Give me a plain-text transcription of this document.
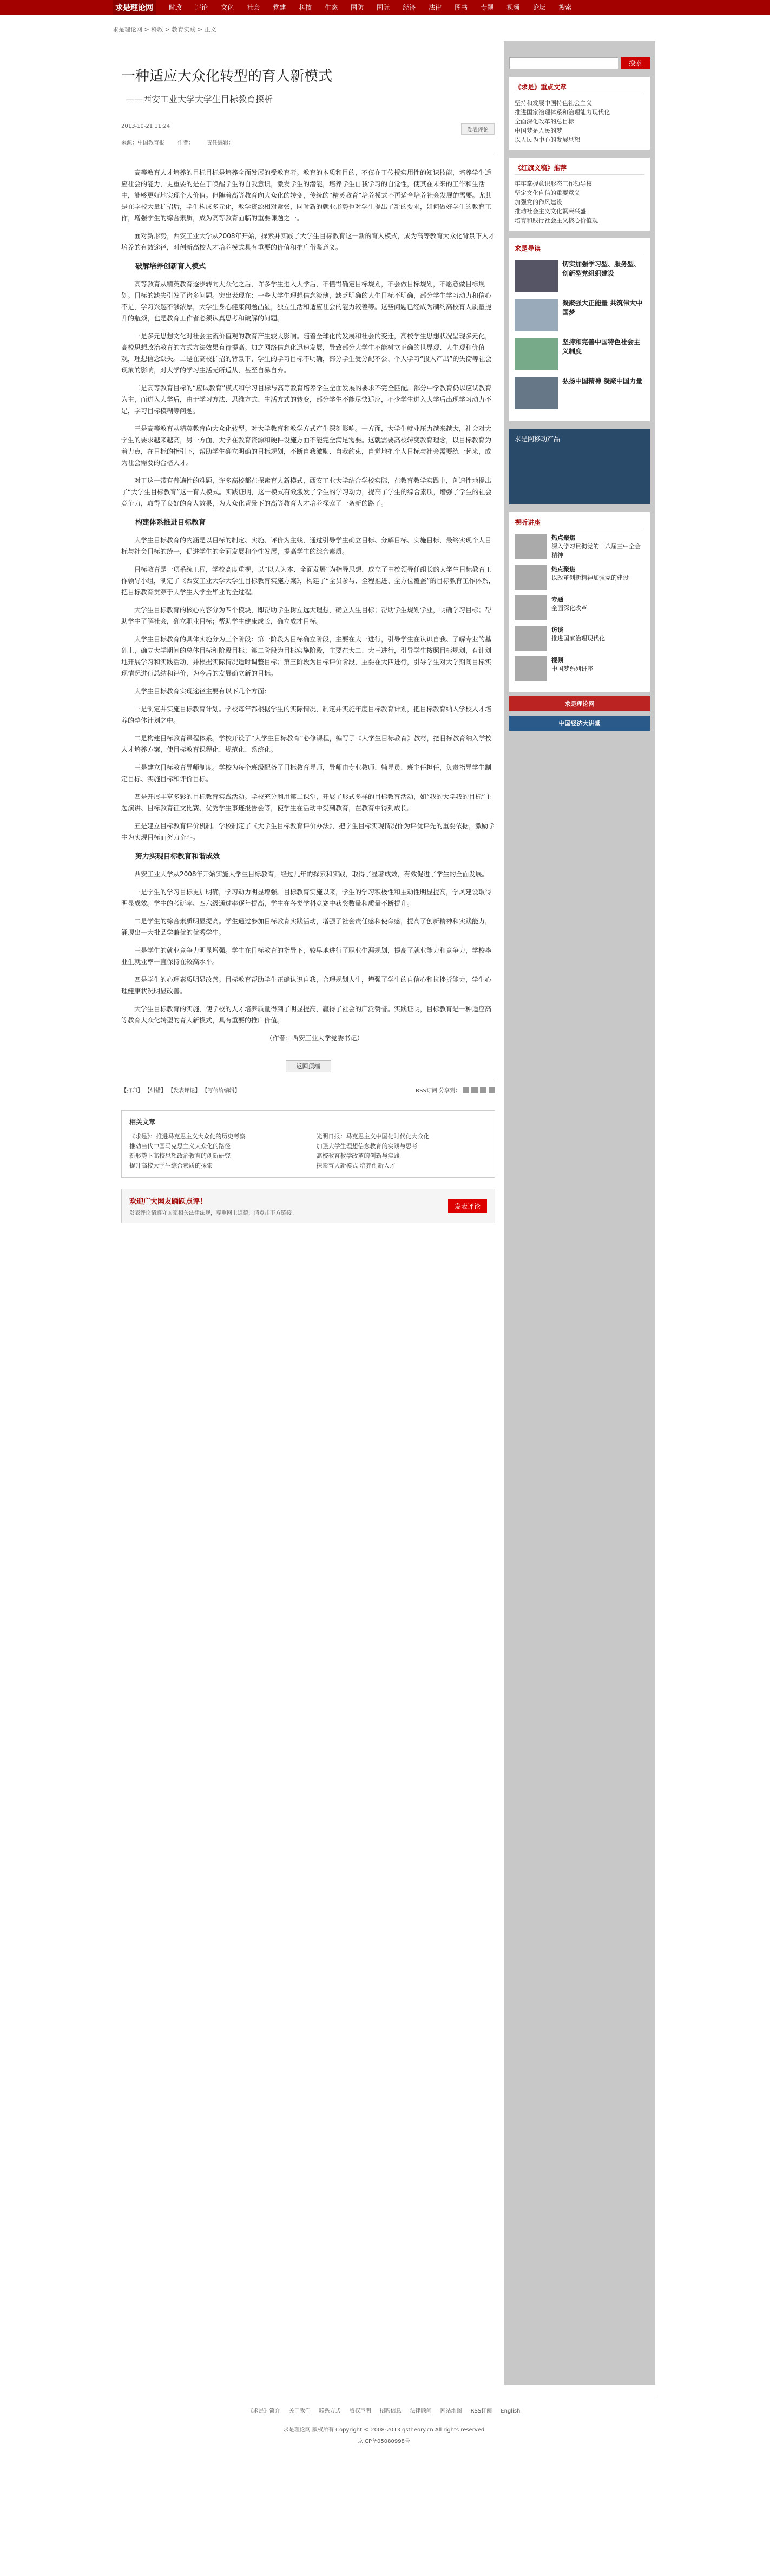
求是理论网	时政	评论	文化	社会	党建	科技	生态	国防	国际	经济	法律	图书	专题	视频	论坛	搜索
求是理论网 > 科教 > 教育实践 > 正文
一种适应大众化转型的育人新模式
——西安工业大学大学生目标教育探析
2013-10-21 11:24
发表评论
来源：中国教育报 作者： 责任编辑：

高等教育人才培养的目标目标是培养全面发展的受教育者。教育的本质和目的，不仅在于传授实用性的知识技能，培养学生适应社会的能力，更重要的是在于唤醒学生的自我意识，激发学生的潜能，培养学生自我学习的自觉性，使其在未来的工作和生活中，能够更好地实现个人价值。但随着高等教育向大众化的转变，传统的“精英教育”培养模式不再适合培养社会发展的需要。尤其是在学校大量扩招后，学生构成多元化，教学资源相对紧张，同时新的就业形势也对学生提出了新的要求，如何做好学生的教育工作，增强学生的综合素质，成为高等教育面临的重要课题之一。

面对新形势，西安工业大学从2008年开始，探索并实践了大学生目标教育这一新的育人模式，成为高等教育大众化背景下人才培养的有效途径，对创新高校人才培养模式具有重要的价值和推广借鉴意义。

破解培养创新育人模式

高等教育从精英教育逐步转向大众化之后，许多学生进入大学后，不懂得确定目标规划，不会做目标规划，不愿意做目标规划。目标的缺失引发了诸多问题。突出表现在：一些大学生理想信念淡薄，缺乏明确的人生目标不明确，部分学生学习动力和信心不足，学习兴趣不够浓厚，大学生身心健康问题凸显，独立生活和适应社会的能力较差等。这些问题已经成为制约高校育人质量提升的瓶颈，也是教育工作者必须认真思考和破解的问题。

一是多元思想文化对社会主流价值观的教育产生较大影响。随着全球化的发展和社会的变迁，高校学生思想状况呈现多元化，高校思想政治教育的方式方法效果有待提高。加之网络信息化迅速发展，导致部分大学生不能树立正确的世界观、人生观和价值观，理想信念缺失。二是在高校扩招的背景下，学生的学习目标不明确，部分学生受分配不公、个人学习“投入产出”的失衡等社会现象的影响，对大学的学习生活无所适从，甚至自暴自弃。

二是高等教育目标的“应试教育”模式和学习目标与高等教育培养学生全面发展的要求不完全匹配。部分中学教育仍以应试教育为主，而进入大学后，由于学习方法、思维方式、生活方式的转变，部分学生不能尽快适应，不少学生进入大学后出现学习动力不足，学习目标模糊等问题。

三是高等教育从精英教育向大众化转型。对大学教育和教学方式产生深刻影响。一方面，大学生就业压力越来越大，社会对大学生的要求越来越高，另一方面，大学在教育资源和硬件设施方面不能完全满足需要。这就需要高校转变教育理念，以目标教育为着力点，在目标的指引下，帮助学生确立明确的目标规划，不断自我激励、自我约束，自觉地把个人目标与社会需要统一起来，成为社会需要的合格人才。

对于这一带有普遍性的难题，许多高校都在探索育人新模式，西安工业大学结合学校实际，在教育教学实践中，创造性地提出了“大学生目标教育”这一育人模式。实践证明，这一模式有效激发了学生的学习动力，提高了学生的综合素质，增强了学生的社会竞争力，取得了良好的育人效果，为大众化背景下的高等教育人才培养探索了一条新的路子。

构建体系推进目标教育

大学生目标教育的内涵是以目标的制定、实施、评价为主线，通过引导学生确立目标、分解目标、实施目标，最终实现个人目标与社会目标的统一，促进学生的全面发展和个性发展，提高学生的综合素质。

目标教育是一项系统工程，学校高度重视，以“以人为本、全面发展”为指导思想，成立了由校领导任组长的大学生目标教育工作领导小组，制定了《西安工业大学大学生目标教育实施方案》，构建了“全员参与、全程推进、全方位覆盖”的目标教育工作体系，把目标教育贯穿于大学生入学至毕业的全过程。

大学生目标教育的核心内容分为四个模块，即帮助学生树立远大理想，确立人生目标；帮助学生规划学业，明确学习目标；帮助学生了解社会，确立职业目标；帮助学生健康成长，确立成才目标。

大学生目标教育的具体实施分为三个阶段：第一阶段为目标确立阶段，主要在大一进行，引导学生在认识自我、了解专业的基础上，确立大学期间的总体目标和阶段目标；第二阶段为目标实施阶段，主要在大二、大三进行，引导学生按照目标规划，有计划地开展学习和实践活动，并根据实际情况适时调整目标；第三阶段为目标评价阶段，主要在大四进行，引导学生对大学期间目标实现情况进行总结和评价，为今后的发展确立新的目标。

大学生目标教育实现途径主要有以下几个方面：

一是制定并实施目标教育计划。学校每年都根据学生的实际情况，制定并实施年度目标教育计划，把目标教育纳入学校人才培养的整体计划之中。

二是构建目标教育课程体系。学校开设了“大学生目标教育”必修课程，编写了《大学生目标教育》教材，把目标教育纳入学校人才培养方案，使目标教育课程化、规范化、系统化。

三是建立目标教育导师制度。学校为每个班级配备了目标教育导师，导师由专业教师、辅导员、班主任担任，负责指导学生制定目标、实施目标和评价目标。

四是开展丰富多彩的目标教育实践活动。学校充分利用第二课堂，开展了形式多样的目标教育活动，如“我的大学我的目标”主题演讲、目标教育征文比赛、优秀学生事迹报告会等，使学生在活动中受到教育，在教育中得到成长。

五是建立目标教育评价机制。学校制定了《大学生目标教育评价办法》，把学生目标实现情况作为评优评先的重要依据，激励学生为实现目标而努力奋斗。

努力实现目标教育和谐成效

西安工业大学从2008年开始实施大学生目标教育，经过几年的探索和实践，取得了显著成效，有效促进了学生的全面发展。

一是学生的学习目标更加明确，学习动力明显增强。目标教育实施以来，学生的学习积极性和主动性明显提高，学风建设取得明显成效。学生的考研率、四六级通过率逐年提高，学生在各类学科竞赛中获奖数量和质量不断提升。

二是学生的综合素质明显提高。学生通过参加目标教育实践活动，增强了社会责任感和使命感，提高了创新精神和实践能力，涌现出一大批品学兼优的优秀学生。

三是学生的就业竞争力明显增强。学生在目标教育的指导下，较早地进行了职业生涯规划，提高了就业能力和竞争力，学校毕业生就业率一直保持在较高水平。

四是学生的心理素质明显改善。目标教育帮助学生正确认识自我，合理规划人生，增强了学生的自信心和抗挫折能力，学生心理健康状况明显改善。

大学生目标教育的实施，使学校的人才培养质量得到了明显提高，赢得了社会的广泛赞誉。实践证明，目标教育是一种适应高等教育大众化转型的育人新模式，具有重要的推广价值。

（作者：西安工业大学党委书记）

返回顶端
【打印】 【纠错】 【发表评论】 【写信给编辑】	RSS订阅 分享到：
相关文章
《求是》：推进马克思主义大众化的历史考察
推动当代中国马克思主义大众化的路径
新形势下高校思想政治教育的创新研究
提升高校大学生综合素质的探索
光明日报：马克思主义中国化时代化大众化
加强大学生理想信念教育的实践与思考
高校教育教学改革的创新与实践
探索育人新模式 培养创新人才
欢迎广大网友踊跃点评！
发表评论请遵守国家相关法律法规，尊重网上道德，请点击下方链接。
发表评论
搜索
《求是》重点文章
坚持和发展中国特色社会主义
推进国家治理体系和治理能力现代化
全面深化改革的总目标
中国梦是人民的梦
以人民为中心的发展思想
《红旗文稿》推荐
牢牢掌握意识形态工作领导权
坚定文化自信的重要意义
加强党的作风建设
推动社会主义文化繁荣兴盛
培育和践行社会主义核心价值观
求是导读
切实加强学习型、服务型、创新型党组织建设
凝聚强大正能量 共筑伟大中国梦
坚持和完善中国特色社会主义制度
弘扬中国精神 凝聚中国力量
求是网移动产品
视听讲座
热点聚焦
深入学习贯彻党的十八届三中全会精神
热点聚焦
以改革创新精神加强党的建设
专题
全面深化改革
访谈
推进国家治理现代化
视频
中国梦系列讲座
求是理论网
中国经济大讲堂
《求是》简介 关于我们 联系方式 版权声明 招聘信息 法律顾问 网站地图 RSS订阅 English
求是理论网 版权所有 Copyright © 2008-2013 qstheory.cn All rights reserved
京ICP备05080998号
